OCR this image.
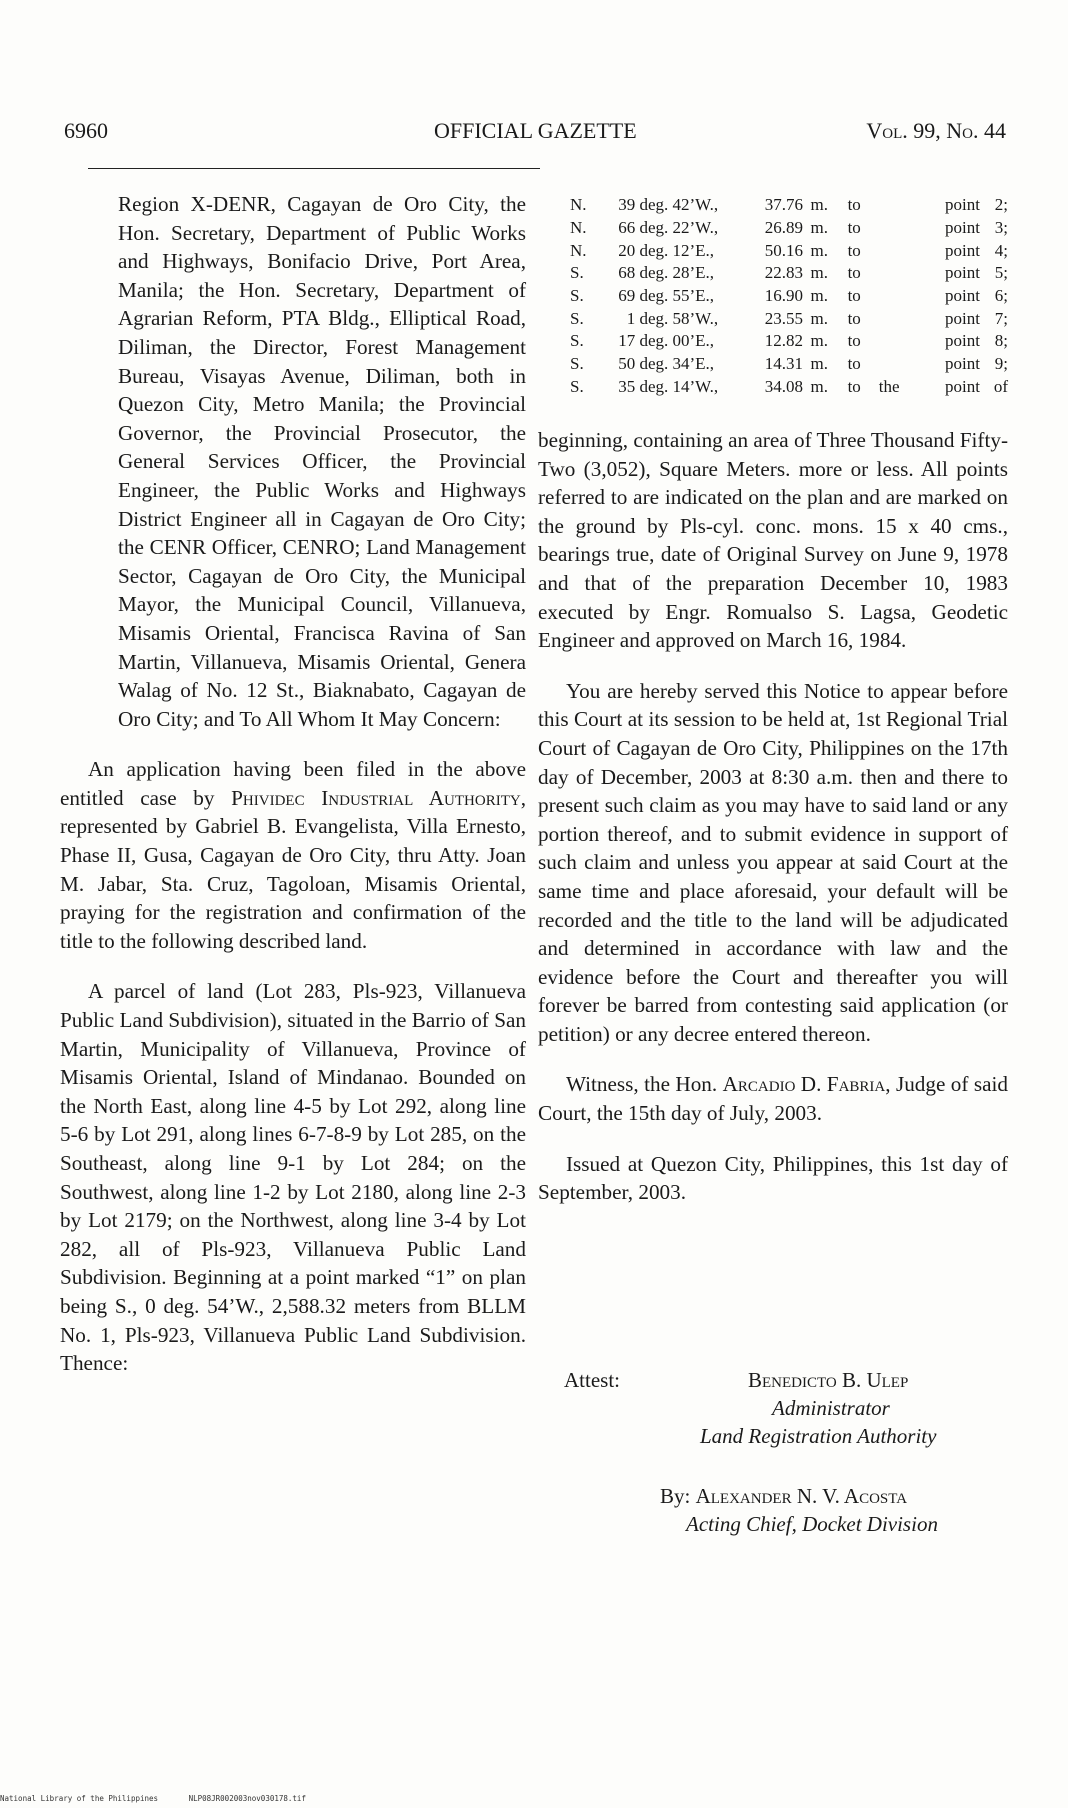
6960	OFFICIAL GAZETTE	Vol. 99, No. 44

Region X-DENR, Cagayan de Oro City, the Hon. Secretary, Department of Public Works and Highways, Bonifacio Drive, Port Area, Manila; the Hon. Secretary, Department of Agrarian Reform, PTA Bldg., Elliptical Road, Diliman, the Director, Forest Management Bureau, Visayas Avenue, Diliman, both in Quezon City, Metro Manila; the Provincial Governor, the Provincial Prosecutor, the General Services Officer, the Provincial Engineer, the Public Works and Highways District Engineer all in Cagayan de Oro City; the CENR Officer, CENRO; Land Management Sector, Cagayan de Oro City, the Municipal Mayor, the Municipal Council, Villanueva, Misamis Oriental, Francisca Ravina of San Martin, Villanueva, Misamis Oriental, Genera Walag of No. 12 St., Biaknabato, Cagayan de Oro City; and To All Whom It May Concern:

An application having been filed in the above entitled case by Phividec Industrial Authority, represented by Gabriel B. Evangelista, Villa Ernesto, Phase II, Gusa, Cagayan de Oro City, thru Atty. Joan M. Jabar, Sta. Cruz, Tagoloan, Misamis Oriental, praying for the registration and confirmation of the title to the following described land.

A parcel of land (Lot 283, Pls-923, Villanueva Public Land Subdivision), situated in the Barrio of San Martin, Municipality of Villanueva, Province of Misamis Oriental, Island of Mindanao. Bounded on the North East, along line 4-5 by Lot 292, along line 5-6 by Lot 291, along lines 6-7-8-9 by Lot 285, on the Southeast, along line 9-1 by Lot 284; on the Southwest, along line 1-2 by Lot 2180, along line 2-3 by Lot 2179; on the Northwest, along line 3-4 by Lot 282, all of Pls-923, Villanueva Public Land Subdivision. Beginning at a point marked “1” on plan being S., 0 deg. 54’W., 2,588.32 meters from BLLM No. 1, Pls-923, Villanueva Public Land Subdivision. Thence:

N.	39	deg.	42’W.,	37.76	m.	to		point	2;
N.	66	deg.	22’W.,	26.89	m.	to		point	3;
N.	20	deg.	12’E.,	50.16	m.	to		point	4;
S.	68	deg.	28’E.,	22.83	m.	to		point	5;
S.	69	deg.	55’E.,	16.90	m.	to		point	6;
S.	1	deg.	58’W.,	23.55	m.	to		point	7;
S.	17	deg.	00’E.,	12.82	m.	to		point	8;
S.	50	deg.	34’E.,	14.31	m.	to		point	9;
S.	35	deg.	14’W.,	34.08	m.	to	the	point	of

beginning, containing an area of Three Thousand Fifty-Two (3,052), Square Meters. more or less. All points referred to are indicated on the plan and are marked on the ground by Pls-cyl. conc. mons. 15 x 40 cms., bearings true, date of Original Survey on June 9, 1978 and that of the preparation December 10, 1983 executed by Engr. Romualso S. Lagsa, Geodetic Engineer and approved on March 16, 1984.

You are hereby served this Notice to appear before this Court at its session to be held at, 1st Regional Trial Court of Cagayan de Oro City, Philippines on the 17th day of December, 2003 at 8:30 a.m. then and there to present such claim as you may have to said land or any portion thereof, and to submit evidence in support of such claim and unless you appear at said Court at the same time and place aforesaid, your default will be recorded and the title to the land will be adjudicated and determined in accordance with law and the evidence before the Court and thereafter you will forever be barred from contesting said application (or petition) or any decree entered thereon.

Witness, the Hon. Arcadio D. Fabria, Judge of said Court, the 15th day of July, 2003.

Issued at Quezon City, Philippines, this 1st day of September, 2003.

Attest:	Benedicto B. Ulep
Administrator
Land Registration Authority
By: Alexander N. V. Acosta
Acting Chief, Docket Division
National Library of the Philippines	NLP08JR002003nov030178.tif
